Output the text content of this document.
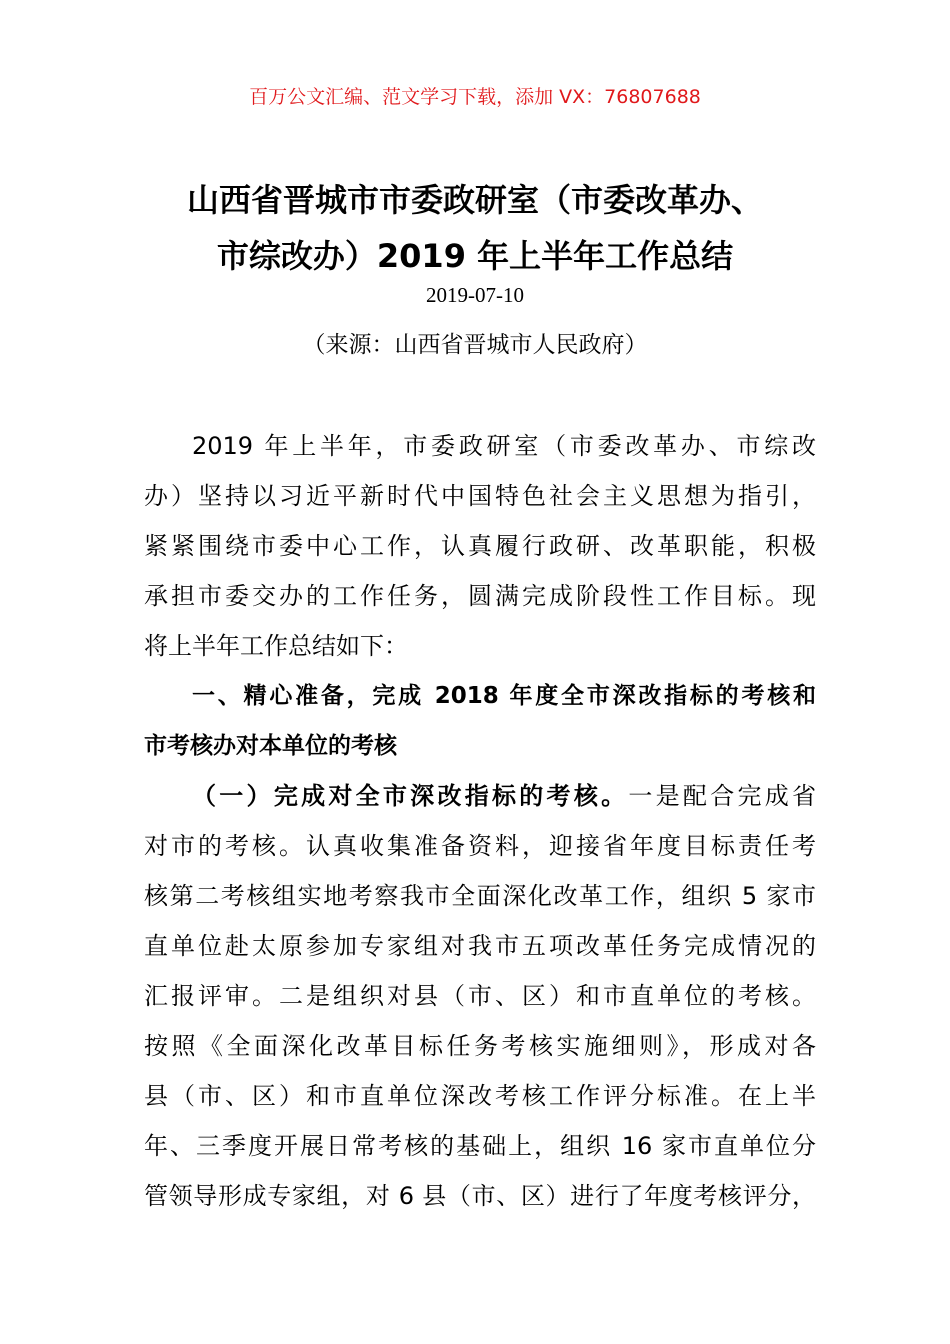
百万公文汇编、范文学习下载，添加 VX：76807688
山西省晋城市市委政研室（市委改革办、
市综改办）2019 年上半年工作总结
2019-07-10
（来源：山西省晋城市人民政府）
2019 年上半年，市委政研室（市委改革办、市综改
办）坚持以习近平新时代中国特色社会主义思想为指引，
紧紧围绕市委中心工作，认真履行政研、改革职能，积极
承担市委交办的工作任务，圆满完成阶段性工作目标。现
将上半年工作总结如下：
一、精心准备，完成 2018 年度全市深改指标的考核和
市考核办对本单位的考核
（一）完成对全市深改指标的考核。一是配合完成省
对市的考核。认真收集准备资料，迎接省年度目标责任考
核第二考核组实地考察我市全面深化改革工作，组织 5 家市
直单位赴太原参加专家组对我市五项改革任务完成情况的
汇报评审。二是组织对县（市、区）和市直单位的考核。
按照《全面深化改革目标任务考核实施细则》，形成对各
县（市、区）和市直单位深改考核工作评分标准。在上半
年、三季度开展日常考核的基础上，组织 16 家市直单位分
管领导形成专家组，对 6 县（市、区）进行了年度考核评分，
